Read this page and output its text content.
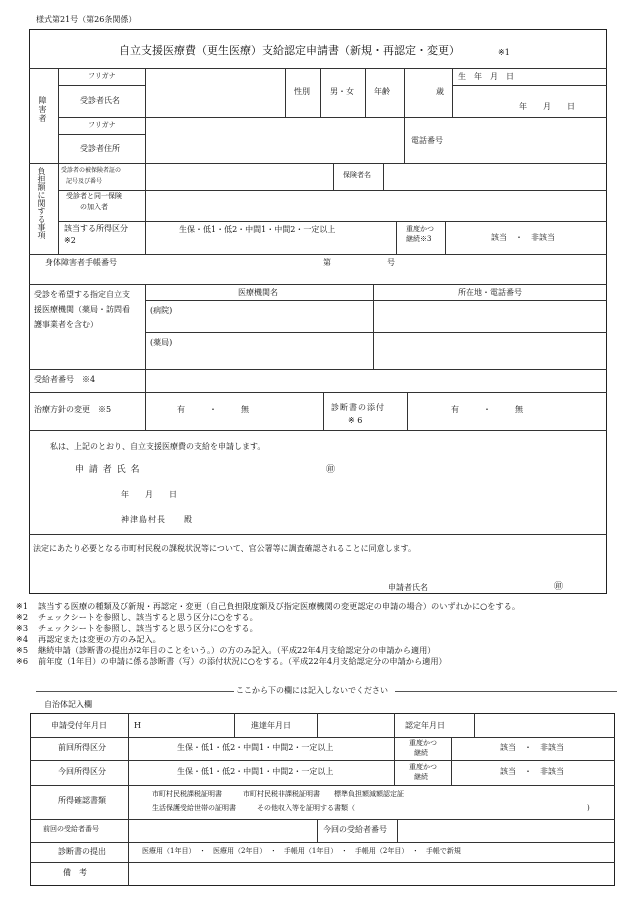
様式第21号（第26条関係）
自立支援医療費（更生医療）支給認定申請書（新規・再認定・変更）	※1
障害者
フリガナ
受診者氏名
性別	男・女	年齢	歳
生　年　月　日
年　　月　　日
フリガナ
受診者住所
電話番号
負担額に関する事項	受診者の被保険者証の
記号及び番号
保険者名
受診者と同一保険
の加入者
該当する所得区分
※2
生保・低1・低2・中間1・中間2・一定以上	重度かつ
継続※3	該当　・　非該当
身体障害者手帳番号	第　　　　　　　号
受診を希望する指定自立支
援医療機関（薬局・訪問看
護事業者を含む）
医療機関名	所在地・電話番号
(病院)
(薬局)
受給者番号　※4
治療方針の変更　※5	有　　　・　　　無	診断書の添付
※ 6
有　　　・　　　無
私は、上記のとおり、自立支援医療費の支給を申請します。
申 請 者 氏 名	㊞
年　　月　　日
神津島村長　　殿
法定にあたり必要となる市町村民税の課税状況等について、官公署等に調査確認されることに同意します。
申請者氏名	㊞
※1 該当する医療の種類及び新規・再認定・変更（自己負担限度額及び指定医療機関の変更認定の申請の場合）のいずれかに○をする。
※2 チェックシートを参照し、該当すると思う区分に○をする。
※3 チェックシートを参照し、該当すると思う区分に○をする。
※4 再認定または変更の方のみ記入。
※5 継続申請（診断書の提出が2年目のことをいう。）の方のみ記入。（平成22年4月支給認定分の申請から適用）
※6 前年度（1年目）の申請に係る診断書（写）の添付状況に○をする。（平成22年4月支給認定分の申請から適用）
ここから下の欄には記入しないでください
自治体記入欄
申請受付年月日	H	進達年月日	認定年月日
前回所得区分	生保・低1・低2・中間1・中間2・一定以上	重度かつ
継続
該当　・　非該当
今回所得区分	生保・低1・低2・中間1・中間2・一定以上	重度かつ
継続
該当　・　非該当
所得確認書類
市町村民税課税証明書　　　市町村民税非課税証明書　　標準負担額減額認定証
生活保護受給世帯の証明書　　　その他収入等を証明する書類（	)
前回の受給者番号	今回の受給者番号
診断書の提出	医療用（1年目）　・　医療用（2年目）　・　手帳用（1年目）　・　手帳用（2年目）　・　手帳で新規
備　考
